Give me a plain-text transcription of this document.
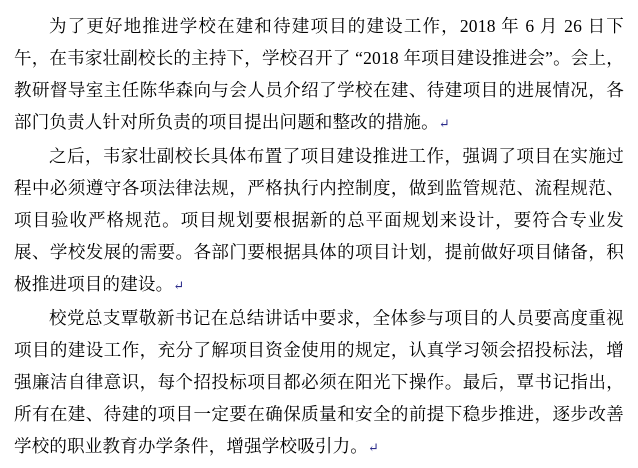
为了更好地推进学校在建和待建项目的建设工作，2018 年 6 月 26 日下午，在韦家壮副校长的主持下，学校召开了 “2018 年项目建设推进会”。会上，教研督导室主任陈华森向与会人员介绍了学校在建、待建项目的进展情况，各部门负责人针对所负责的项目提出问题和整改的措施。↵

之后，韦家壮副校长具体布置了项目建设推进工作，强调了项目在实施过程中必须遵守各项法律法规，严格执行内控制度，做到监管规范、流程规范、项目验收严格规范。项目规划要根据新的总平面规划来设计，要符合专业发展、学校发展的需要。各部门要根据具体的项目计划，提前做好项目储备，积极推进项目的建设。↵

校党总支覃敬新书记在总结讲话中要求，全体参与项目的人员要高度重视项目的建设工作，充分了解项目资金使用的规定，认真学习领会招投标法，增强廉洁自律意识，每个招投标项目都必须在阳光下操作。最后，覃书记指出，所有在建、待建的项目一定要在确保质量和安全的前提下稳步推进，逐步改善学校的职业教育办学条件，增强学校吸引力。↵
